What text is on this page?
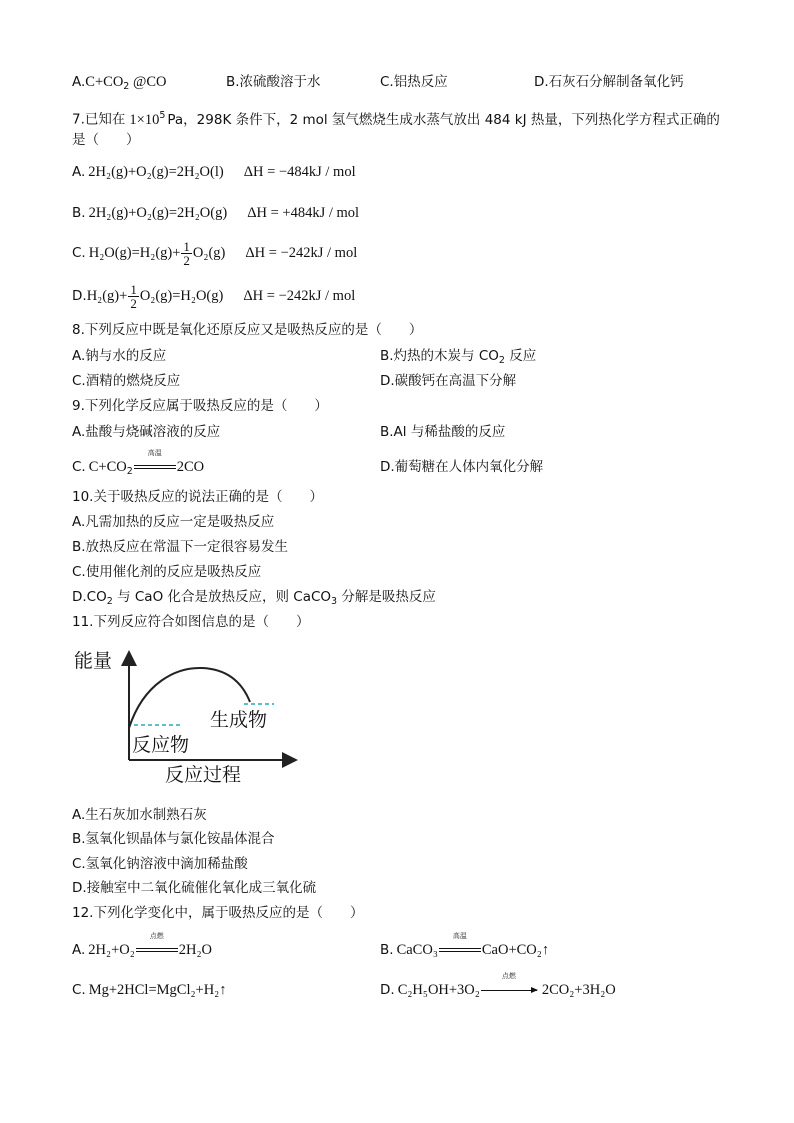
$A.C+CO_2$ @CO	B.浓硫酸溶于水	C.铝热反应	D.石灰石分解制备氧化钙
7.已知在 $1\times 10^5$ Pa，298K 条件下，2 mol 氢气燃烧生成水蒸气放出 484 kJ 热量，下列热化学方程式正确的
是（　　）
A. 2H₂(g)+O₂(g)=2H₂O(l) ΔH = −484kJ / mol
B. 2H₂(g)+O₂(g)=2H₂O(g) ΔH = +484kJ / mol
C. $H_2O(g)=H_2(g)+ \frac{1}{2} O_2(g) \Delta H = -242kJ$ / mol
$D.H_2(g)+ \frac{1}{2} O_2(g)=H_2O(g) \Delta H = -242kJ$ / mol
8.下列反应中既是氧化还原反应又是吸热反应的是（　　）
A.钠与水的反应	B.灼热的木炭与 $CO_2$ 反应
C.酒精的燃烧反应	D.碳酸钙在高温下分解
9.下列化学反应属于吸热反应的是（　　）
A.盐酸与烧碱溶液的反应	B.Al 与稀盐酸的反应
C. $C+CO_2$
高温
2CO	D.葡萄糖在人体内氧化分解
10.关于吸热反应的说法正确的是（　　）
A.凡需加热的反应一定是吸热反应
B.放热反应在常温下一定很容易发生
C.使用催化剂的反应是吸热反应
$D.CO_2$ 与 CaO 化合是放热反应，则 CaCO$_3$ 分解是吸热反应
11.下列反应符合如图信息的是（　　）
能量
生成物
反应物
反应过程
A.生石灰加水制熟石灰
B.氢氧化钡晶体与氯化铵晶体混合
C.氢氧化钠溶液中滴加稀盐酸
D.接触室中二氧化硫催化氧化成三氧化硫
12.下列化学变化中，属于吸热反应的是（　　）
A. 2H₂+O₂
点燃
2H₂O	B. CaCO₃
高温
CaO+CO₂↑
C. Mg+2HCl=MgCl₂+H₂↑	D. C₂H₅OH+3O₂
点燃
2CO₂+3H₂O
